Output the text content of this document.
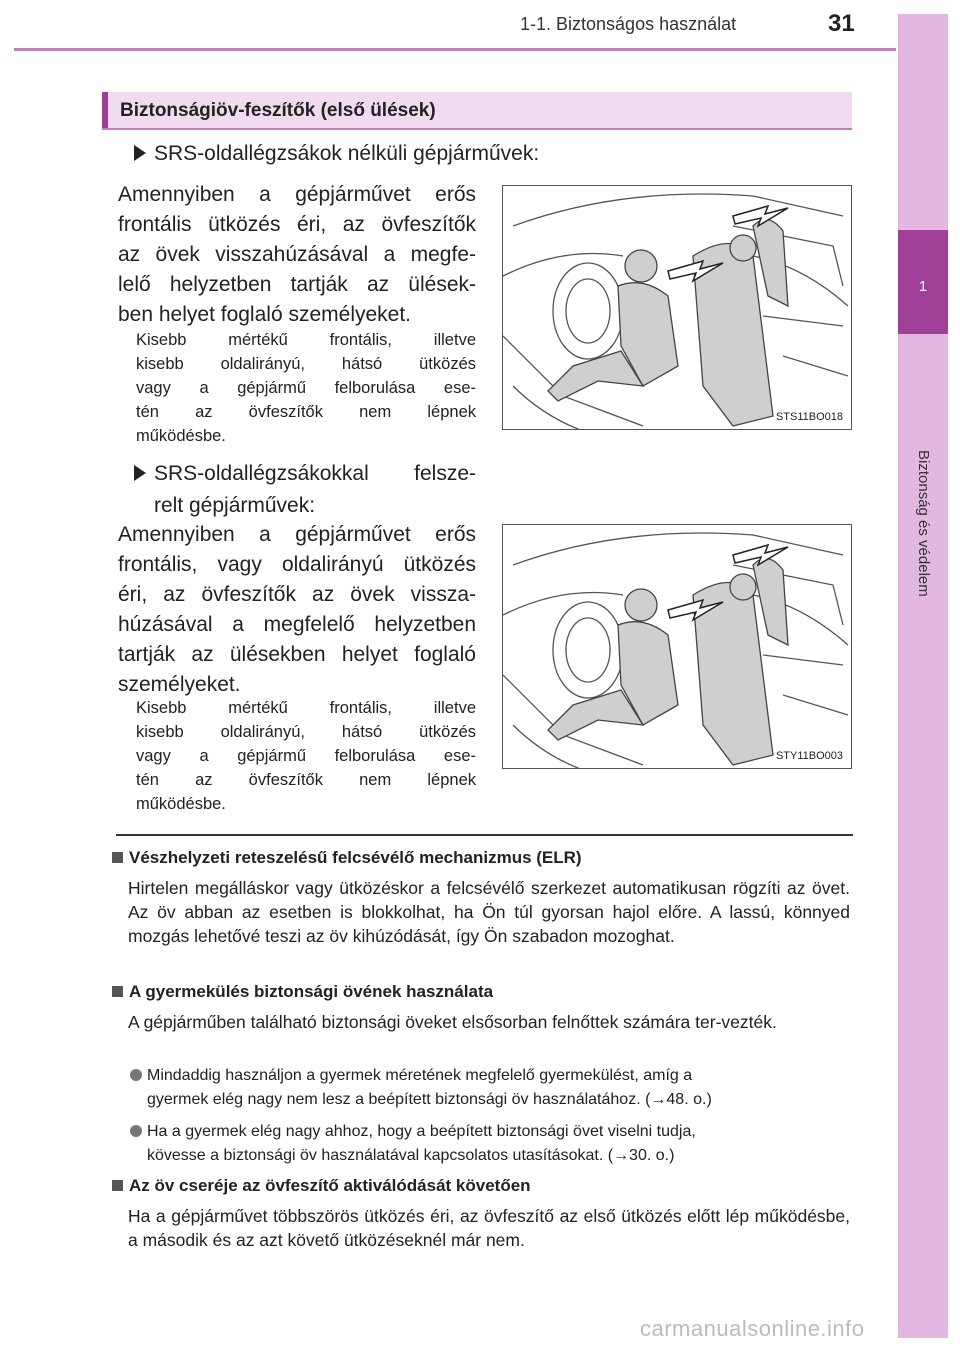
1-1. Biztonságos használat	31
1
Biztonság és védelem
Biztonságiöv-feszítők (első ülések)
SRS-oldallégzsákok nélküli gépjárművek:
Amennyiben a gépjárművet erős
frontális ütközés éri, az övfeszítők
az övek visszahúzásával a megfe-
lelő helyzetben tartják az ülések-
ben helyet foglaló személyeket.
Kisebb mértékű frontális, illetve
kisebb oldalirányú, hátsó ütközés
vagy a gépjármű felborulása ese-
tén az övfeszítők nem lépnek
működésbe.
STS11BO018
SRS-oldallégzsákokkal felsze-
relt gépjárművek:
Amennyiben a gépjárművet erős
frontális, vagy oldalirányú ütközés
éri, az övfeszítők az övek vissza-
húzásával a megfelelő helyzetben
tartják az ülésekben helyet foglaló
személyeket.
Kisebb mértékű frontális, illetve
kisebb oldalirányú, hátsó ütközés
vagy a gépjármű felborulása ese-
tén az övfeszítők nem lépnek
működésbe.
STY11BO003
Vészhelyzeti reteszelésű felcsévélő mechanizmus (ELR)
Hirtelen megálláskor vagy ütközéskor a felcsévélő szerkezet automatikusan rögzíti az övet. Az öv abban az esetben is blokkolhat, ha Ön túl gyorsan hajol előre. A lassú, könnyed mozgás lehetővé teszi az öv kihúzódását, így Ön szabadon mozoghat.
A gyermekülés biztonsági övének használata
A gépjárműben található biztonsági öveket elsősorban felnőttek számára ter-vezték.
Mindaddig használjon a gyermek méretének megfelelő gyermekülést, amíg a
gyermek elég nagy nem lesz a beépített biztonsági öv használatához. (→48. o.)
Ha a gyermek elég nagy ahhoz, hogy a beépített biztonsági övet viselni tudja,
kövesse a biztonsági öv használatával kapcsolatos utasításokat. (→30. o.)
Az öv cseréje az övfeszítő aktiválódását követően
Ha a gépjárművet többszörös ütközés éri, az övfeszítő az első ütközés előtt lép működésbe, a második és az azt követő ütközéseknél már nem.
carmanualsonline.info
